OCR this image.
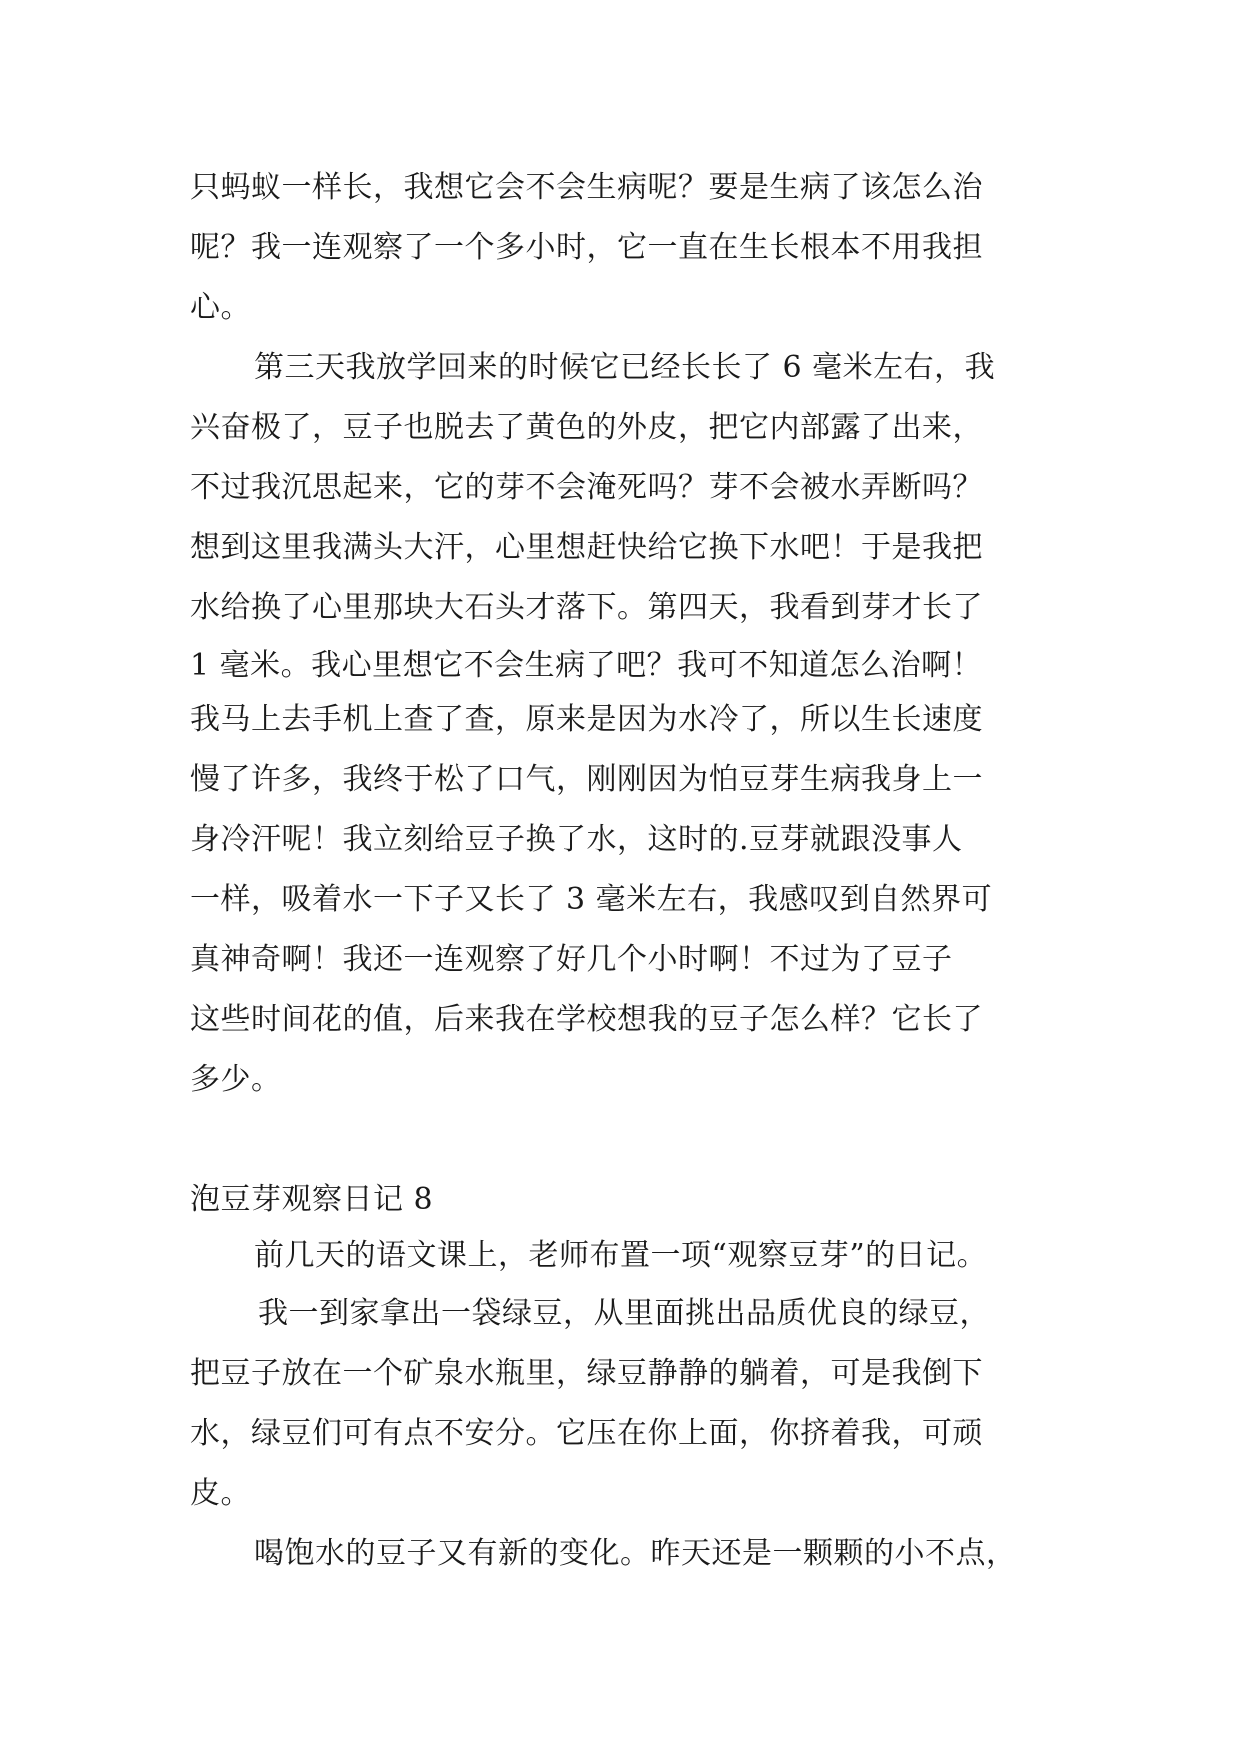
只蚂蚁一样长，我想它会不会生病呢？要是生病了该怎么治
呢？我一连观察了一个多小时，它一直在生长根本不用我担
心。
第三天我放学回来的时候它已经长长了 6 毫米左右，我
兴奋极了，豆子也脱去了黄色的外皮，把它内部露了出来，
不过我沉思起来，它的芽不会淹死吗？芽不会被水弄断吗？
想到这里我满头大汗，心里想赶快给它换下水吧！于是我把
水给换了心里那块大石头才落下。第四天，我看到芽才长了
1 毫米。我心里想它不会生病了吧？我可不知道怎么治啊！
我马上去手机上查了查，原来是因为水冷了，所以生长速度
慢了许多，我终于松了口气，刚刚因为怕豆芽生病我身上一
身冷汗呢！我立刻给豆子换了水，这时的.豆芽就跟没事人
一样，吸着水一下子又长了 3 毫米左右，我感叹到自然界可
真神奇啊！我还一连观察了好几个小时啊！不过为了豆子
这些时间花的值，后来我在学校想我的豆子怎么样？它长了
多少。
泡豆芽观察日记 8
前几天的语文课上，老师布置一项“观察豆芽”的日记。
我一到家拿出一袋绿豆，从里面挑出品质优良的绿豆，
把豆子放在一个矿泉水瓶里，绿豆静静的躺着，可是我倒下
水，绿豆们可有点不安分。它压在你上面，你挤着我，可顽
皮。
喝饱水的豆子又有新的变化。昨天还是一颗颗的小不点，
